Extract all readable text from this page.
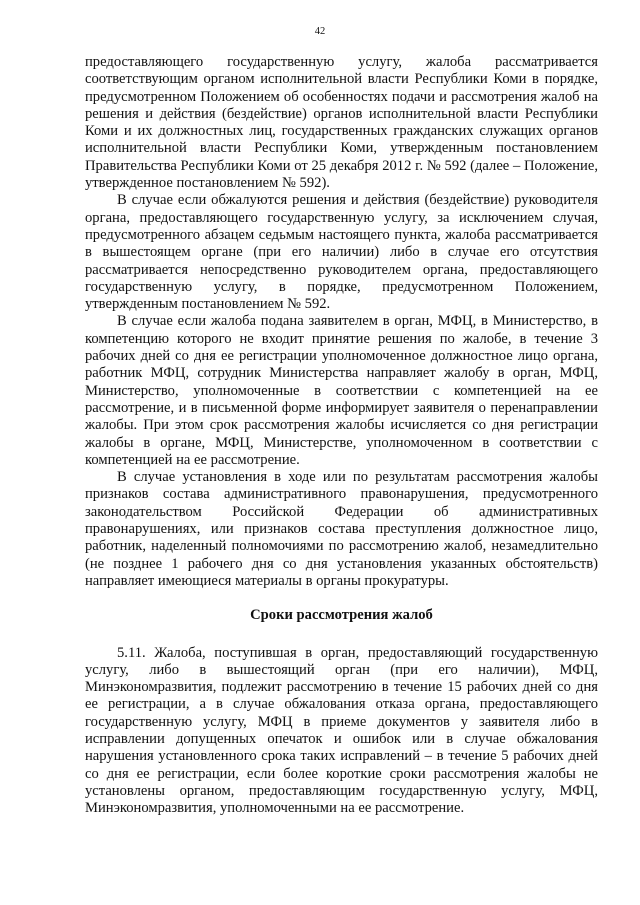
42

предоставляющего государственную услугу, жалоба рассматривается соответствующим органом исполнительной власти Республики Коми в порядке, предусмотренном Положением об особенностях подачи и рассмотрения жалоб на решения и действия (бездействие) органов исполнительной власти Республики Коми и их должностных лиц, государственных гражданских служащих органов исполнительной власти Республики Коми, утвержденным постановлением Правительства Республики Коми от 25 декабря 2012 г. № 592 (далее – Положение, утвержденное постановлением № 592).

В случае если обжалуются решения и действия (бездействие) руководителя органа, предоставляющего государственную услугу, за исключением случая, предусмотренного абзацем седьмым настоящего пункта, жалоба рассматривается в вышестоящем органе (при его наличии) либо в случае его отсутствия рассматривается непосредственно руководителем органа, предоставляющего государственную услугу, в порядке, предусмотренном Положением, утвержденным постановлением № 592.

В случае если жалоба подана заявителем в орган, МФЦ, в Министерство, в компетенцию которого не входит принятие решения по жалобе, в течение 3 рабочих дней со дня ее регистрации уполномоченное должностное лицо органа, работник МФЦ, сотрудник Министерства направляет жалобу в орган, МФЦ, Министерство, уполномоченные в соответствии с компетенцией на ее рассмотрение, и в письменной форме информирует заявителя о перенаправлении жалобы. При этом срок рассмотрения жалобы исчисляется со дня регистрации жалобы в органе, МФЦ, Министерстве, уполномоченном в соответствии с компетенцией на ее рассмотрение.

В случае установления в ходе или по результатам рассмотрения жалобы признаков состава административного правонарушения, предусмотренного законодательством Российской Федерации об административных правонарушениях, или признаков состава преступления должностное лицо, работник, наделенный полномочиями по рассмотрению жалоб, незамедлительно (не позднее 1 рабочего дня со дня установления указанных обстоятельств) направляет имеющиеся материалы в органы прокуратуры.

Сроки рассмотрения жалоб

5.11. Жалоба, поступившая в орган, предоставляющий государственную услугу, либо в вышестоящий орган (при его наличии), МФЦ, Минэкономразвития, подлежит рассмотрению в течение 15 рабочих дней со дня ее регистрации, а в случае обжалования отказа органа, предоставляющего государственную услугу, МФЦ в приеме документов у заявителя либо в исправлении допущенных опечаток и ошибок или в случае обжалования нарушения установленного срока таких исправлений – в течение 5 рабочих дней со дня ее регистрации, если более короткие сроки рассмотрения жалобы не установлены органом, предоставляющим государственную услугу, МФЦ, Минэкономразвития, уполномоченными на ее рассмотрение.
